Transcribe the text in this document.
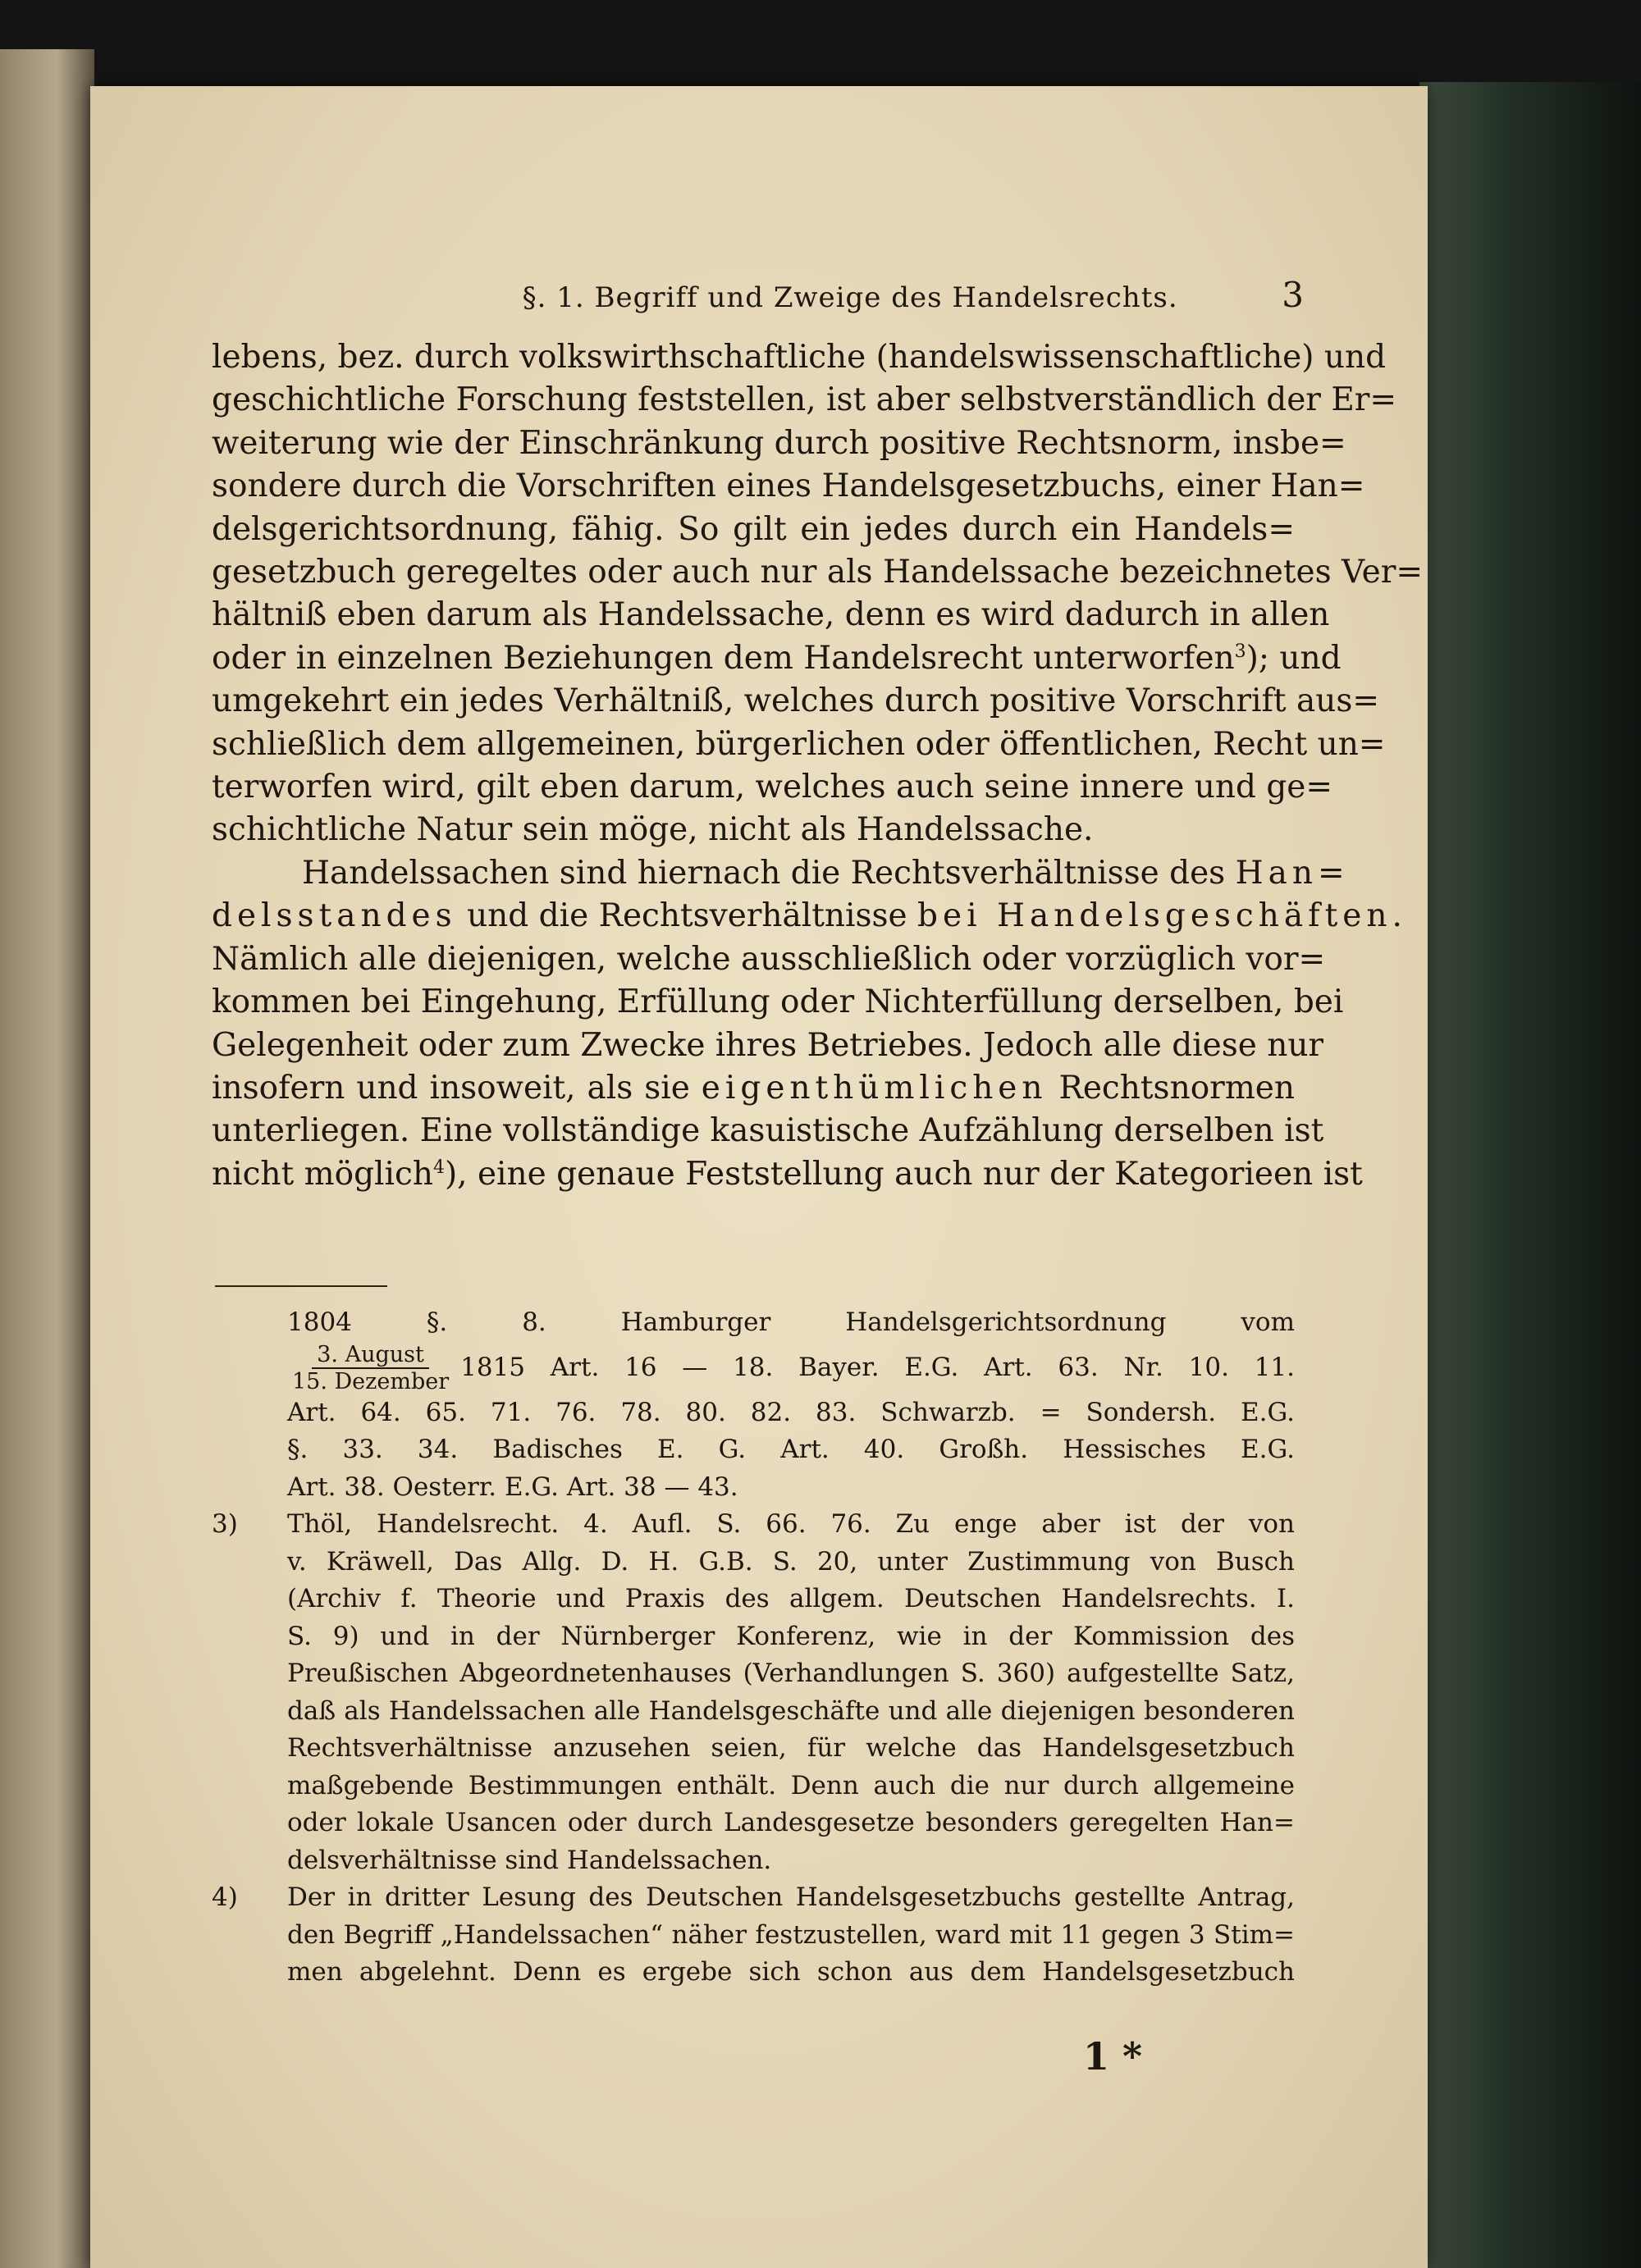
§. 1. Begriff und Zweige des Handelsrechts.	3
lebens, bez. durch volkswirthschaftliche (handelswissenschaftliche) und
geschichtliche Forschung feststellen, ist aber selbstverständlich der Er=
weiterung wie der Einschränkung durch positive Rechtsnorm, insbe=
sondere durch die Vorschriften eines Handelsgesetzbuchs, einer Han=
delsgerichtsordnung, fähig. So gilt ein jedes durch ein Handels=
gesetzbuch geregeltes oder auch nur als Handelssache bezeichnetes Ver=
hältniß eben darum als Handelssache, denn es wird dadurch in allen
oder in einzelnen Beziehungen dem Handelsrecht unterworfen$^3$); und
umgekehrt ein jedes Verhältniß, welches durch positive Vorschrift aus=
schließlich dem allgemeinen, bürgerlichen oder öffentlichen, Recht un=
terworfen wird, gilt eben darum, welches auch seine innere und ge=
schichtliche Natur sein möge, nicht als Handelssache.
Handelssachen sind hiernach die Rechtsverhältnisse des Han=
delsstandes und die Rechtsverhältnisse bei Handelsgeschäften.
Nämlich alle diejenigen, welche ausschließlich oder vorzüglich vor=
kommen bei Eingehung, Erfüllung oder Nichterfüllung derselben, bei
Gelegenheit oder zum Zwecke ihres Betriebes. Jedoch alle diese nur
insofern und insoweit, als sie eigenthümlichen Rechtsnormen
unterliegen. Eine vollständige kasuistische Aufzählung derselben ist
nicht möglich$^4$), eine genaue Feststellung auch nur der Kategorieen ist
1804 §. 8. Hamburger Handelsgerichtsordnung vom
$\frac{\text{3. August}}{\text{15. Dezember}} 1815$ Art. 16 — 18. Bayer. E.G. Art. 63. Nr. 10. 11.
Art. 64. 65. 71. 76. 78. 80. 82. 83. Schwarzb. = Sondersh. E.G.
§. 33. 34. Badisches E. G. Art. 40. Großh. Hessisches E.G.
Art. 38. Oesterr. E.G. Art. 38 — 43.
3) Thöl, Handelsrecht. 4. Aufl. S. 66. 76. Zu enge aber ist der von
v. Kräwell, Das Allg. D. H. G.B. S. 20, unter Zustimmung von Busch
(Archiv f. Theorie und Praxis des allgem. Deutschen Handelsrechts. I.
S. 9) und in der Nürnberger Konferenz, wie in der Kommission des
Preußischen Abgeordnetenhauses (Verhandlungen S. 360) aufgestellte Satz,
daß als Handelssachen alle Handelsgeschäfte und alle diejenigen besonderen
Rechtsverhältnisse anzusehen seien, für welche das Handelsgesetzbuch
maßgebende Bestimmungen enthält. Denn auch die nur durch allgemeine
oder lokale Usancen oder durch Landesgesetze besonders geregelten Han=
delsverhältnisse sind Handelssachen.
4) Der in dritter Lesung des Deutschen Handelsgesetzbuchs gestellte Antrag,
den Begriff „Handelssachen“ näher festzustellen, ward mit 11 gegen 3 Stim=
men abgelehnt. Denn es ergebe sich schon aus dem Handelsgesetzbuch
1 *
